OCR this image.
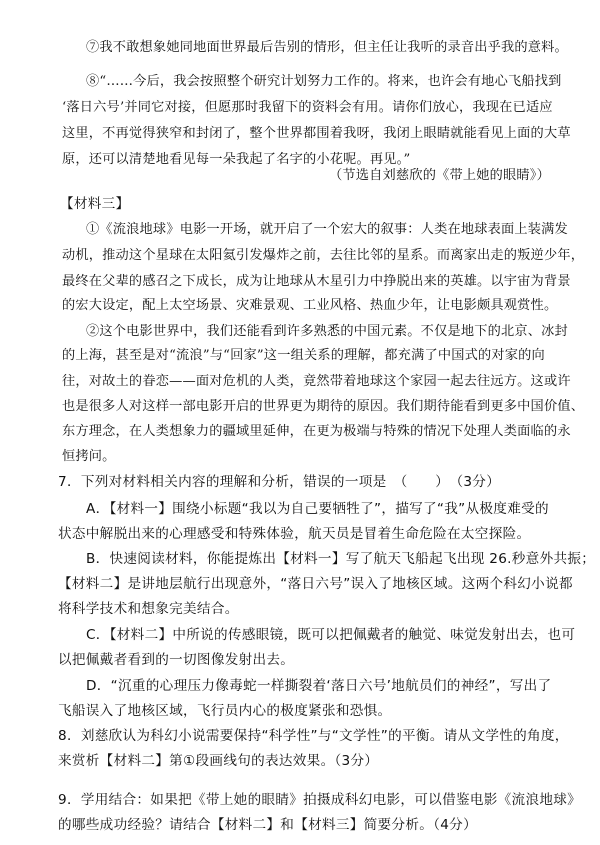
⑦我不敢想象她同地面世界最后告别的情形，但主任让我听的录音出乎我的意料。

⑧“……今后，我会按照整个研究计划努力工作的。将来，也许会有地心飞船找到

‘落日六号’并同它对接，但愿那时我留下的资料会有用。请你们放心，我现在已适应

这里，不再觉得狭窄和封闭了，整个世界都围着我呀，我闭上眼睛就能看见上面的大草

原，还可以清楚地看见每一朵我起了名字的小花呢。再见。”

（节选自刘慈欣的《带上她的眼睛》）

【材料三】

①《流浪地球》电影一开场，就开启了一个宏大的叙事：人类在地球表面上装满发

动机，推动这个星球在太阳氦引发爆炸之前，去往比邻的星系。而离家出走的叛逆少年，

最终在父辈的感召之下成长，成为让地球从木星引力中挣脱出来的英雄。以宇宙为背景

的宏大设定，配上太空场景、灾难景观、工业风格、热血少年，让电影颇具观赏性。

②这个电影世界中，我们还能看到许多熟悉的中国元素。不仅是地下的北京、冰封

的上海，甚至是对“流浪”与“回家”这一组关系的理解，都充满了中国式的对家的向

往，对故土的眷恋——面对危机的人类，竟然带着地球这个家园一起去往远方。这或许

也是很多人对这样一部电影开启的世界更为期待的原因。我们期待能看到更多中国价值、

东方理念，在人类想象力的疆域里延伸，在更为极端与特殊的情况下处理人类面临的永

恒拷问。

7．下列对材料相关内容的理解和分析，错误的一项是　（　　）　（3分）

A．【材料一】围绕小标题“我以为自己要牺牲了”，描写了“我”从极度难受的

状态中解脱出来的心理感受和特殊体验，航天员是冒着生命危险在太空探险。

B．快速阅读材料，你能提炼出【材料一】写了航天飞船起飞出现 26.秒意外共振；

【材料二】是讲地层航行出现意外，“落日六号”误入了地核区域。这两个科幻小说都

将科学技术和想象完美结合。

C．【材料二】中所说的传感眼镜，既可以把佩戴者的触觉、味觉发射出去，也可

以把佩戴者看到的一切图像发射出去。

D．“沉重的心理压力像毒蛇一样撕裂着‘落日六号’地航员们的神经”，写出了

飞船误入了地核区域，飞行员内心的极度紧张和恐惧。

8．刘慈欣认为科幻小说需要保持“科学性”与“文学性”的平衡。请从文学性的角度，

来赏析【材料二】第①段画线句的表达效果。（3分）

9．学用结合：如果把《带上她的眼睛》拍摄成科幻电影，可以借鉴电影《流浪地球》

的哪些成功经验？请结合【材料二】和【材料三】简要分析。（4分）
